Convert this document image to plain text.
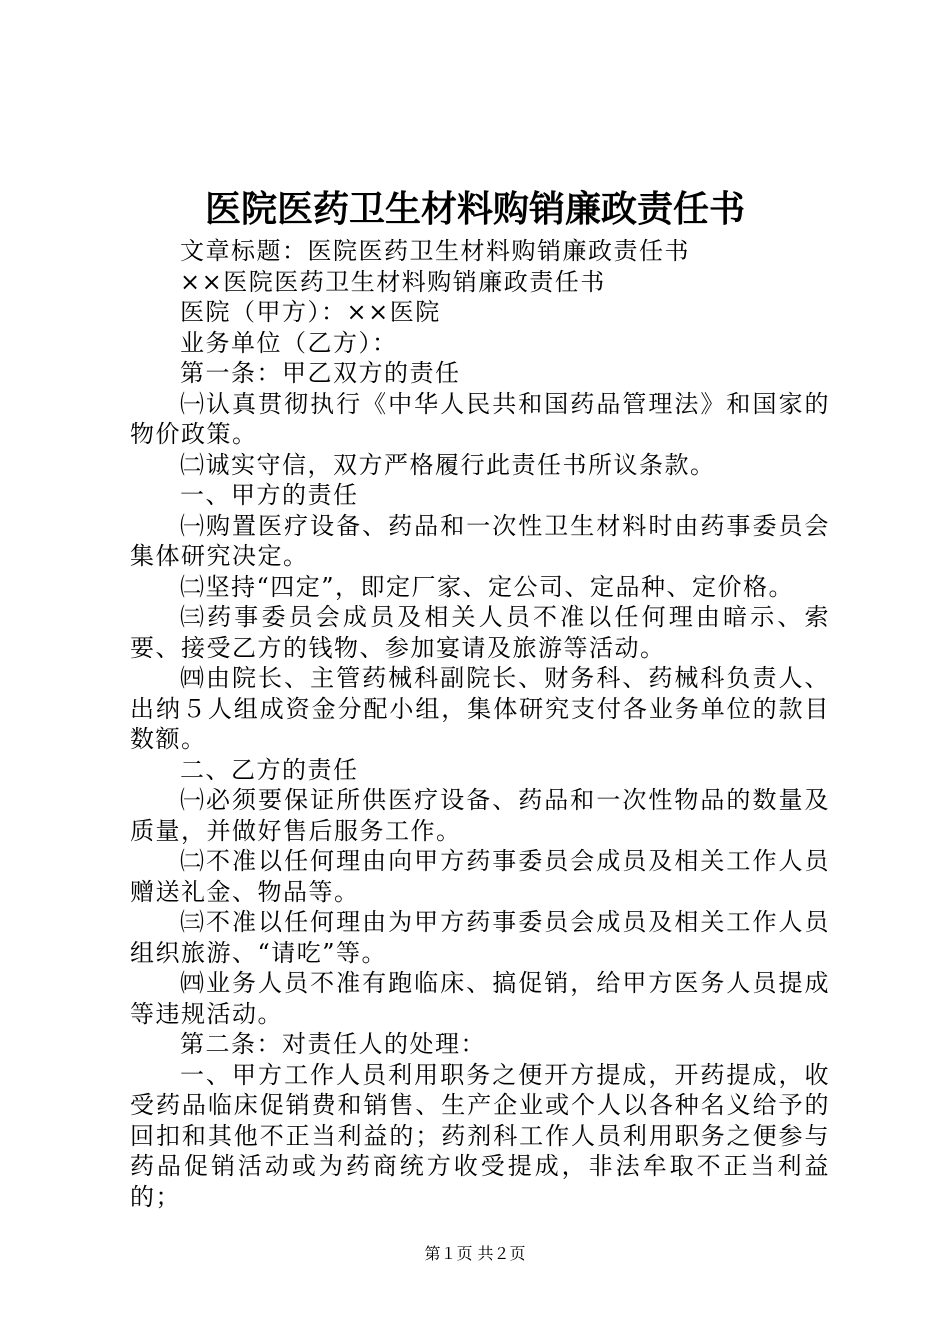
医院医药卫生材料购销廉政责任书

文章标题：医院医药卫生材料购销廉政责任书

××医院医药卫生材料购销廉政责任书

医院（甲方）：××医院

业务单位（乙方）：

第一条：甲乙双方的责任

㈠认真贯彻执行《中华人民共和国药品管理法》和国家的物价政策。

㈡诚实守信，双方严格履行此责任书所议条款。

一、甲方的责任

㈠购置医疗设备、药品和一次性卫生材料时由药事委员会集体研究决定。

㈡坚持“四定”，即定厂家、定公司、定品种、定价格。

㈢药事委员会成员及相关人员不准以任何理由暗示、索要、接受乙方的钱物、参加宴请及旅游等活动。

㈣由院长、主管药械科副院长、财务科、药械科负责人、出纳５人组成资金分配小组，集体研究支付各业务单位的款目数额。

二、乙方的责任

㈠必须要保证所供医疗设备、药品和一次性物品的数量及质量，并做好售后服务工作。

㈡不准以任何理由向甲方药事委员会成员及相关工作人员赠送礼金、物品等。

㈢不准以任何理由为甲方药事委员会成员及相关工作人员组织旅游、“请吃”等。

㈣业务人员不准有跑临床、搞促销，给甲方医务人员提成等违规活动。

第二条：对责任人的处理：

一、甲方工作人员利用职务之便开方提成，开药提成，收受药品临床促销费和销售、生产企业或个人以各种名义给予的回扣和其他不正当利益的；药剂科工作人员利用职务之便参与药品促销活动或为药商统方收受提成，非法牟取不正当利益的；

第１页 共２页
